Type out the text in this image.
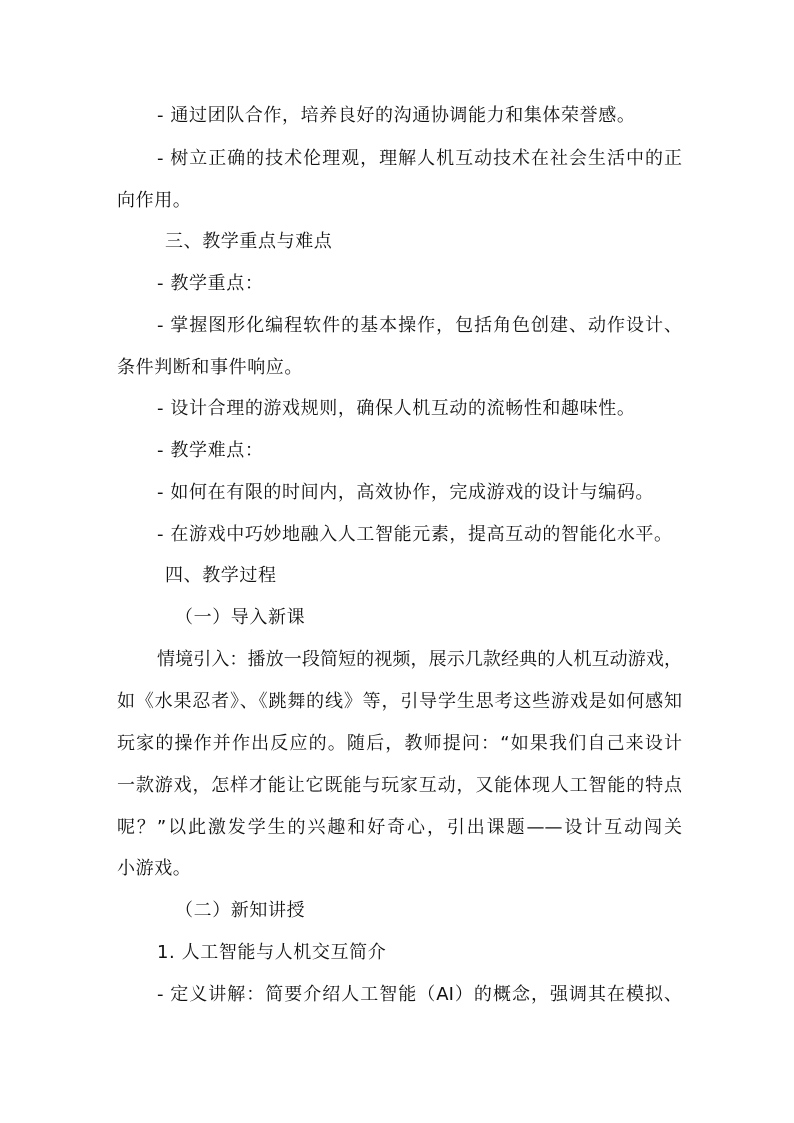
- 通过团队合作，培养良好的沟通协调能力和集体荣誉感。
- 树立正确的技术伦理观，理解人机互动技术在社会生活中的正
向作用。
三、教学重点与难点
- 教学重点：
- 掌握图形化编程软件的基本操作，包括角色创建、动作设计、
条件判断和事件响应。
- 设计合理的游戏规则，确保人机互动的流畅性和趣味性。
- 教学难点：
- 如何在有限的时间内，高效协作，完成游戏的设计与编码。
- 在游戏中巧妙地融入人工智能元素，提高互动的智能化水平。
四、教学过程
（一）导入新课
情境引入：播放一段简短的视频，展示几款经典的人机互动游戏，
如《水果忍者》、《跳舞的线》等，引导学生思考这些游戏是如何感知
玩家的操作并作出反应的。随后，教师提问：“如果我们自己来设计
一款游戏，怎样才能让它既能与玩家互动，又能体现人工智能的特点
呢？”以此激发学生的兴趣和好奇心，引出课题——设计互动闯关
小游戏。
（二）新知讲授
1. 人工智能与人机交互简介
- 定义讲解：简要介绍人工智能（AI）的概念，强调其在模拟、
